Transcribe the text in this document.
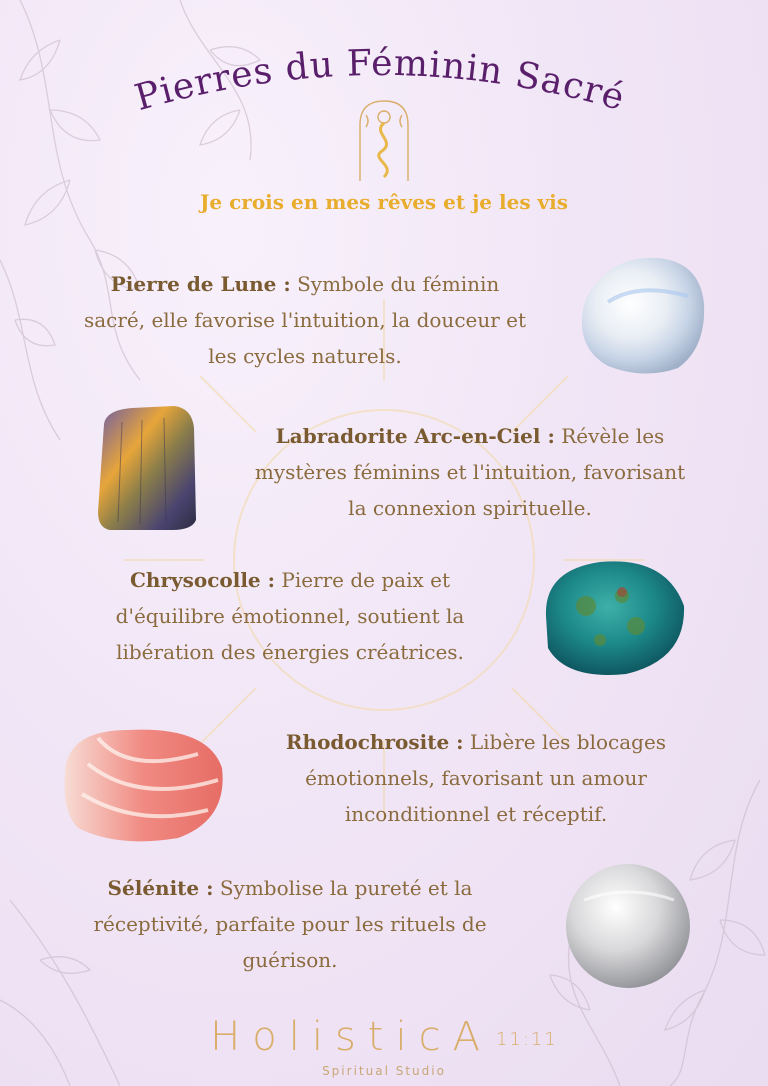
Pierres du Féminin Sacré
Je crois en mes rêves et je les vis
Pierre de Lune : Symbole du féminin
sacré, elle favorise l'intuition, la douceur et
les cycles naturels.
Labradorite Arc-en-Ciel : Révèle les
mystères féminins et l'intuition, favorisant
la connexion spirituelle.
Chrysocolle : Pierre de paix et
d'équilibre émotionnel, soutient la
libération des énergies créatrices.
Rhodochrosite : Libère les blocages
émotionnels, favorisant un amour
inconditionnel et réceptif.
Sélénite : Symbolise la pureté et la
réceptivité, parfaite pour les rituels de
guérison.
HolisticA 11:11
Spiritual Studio
